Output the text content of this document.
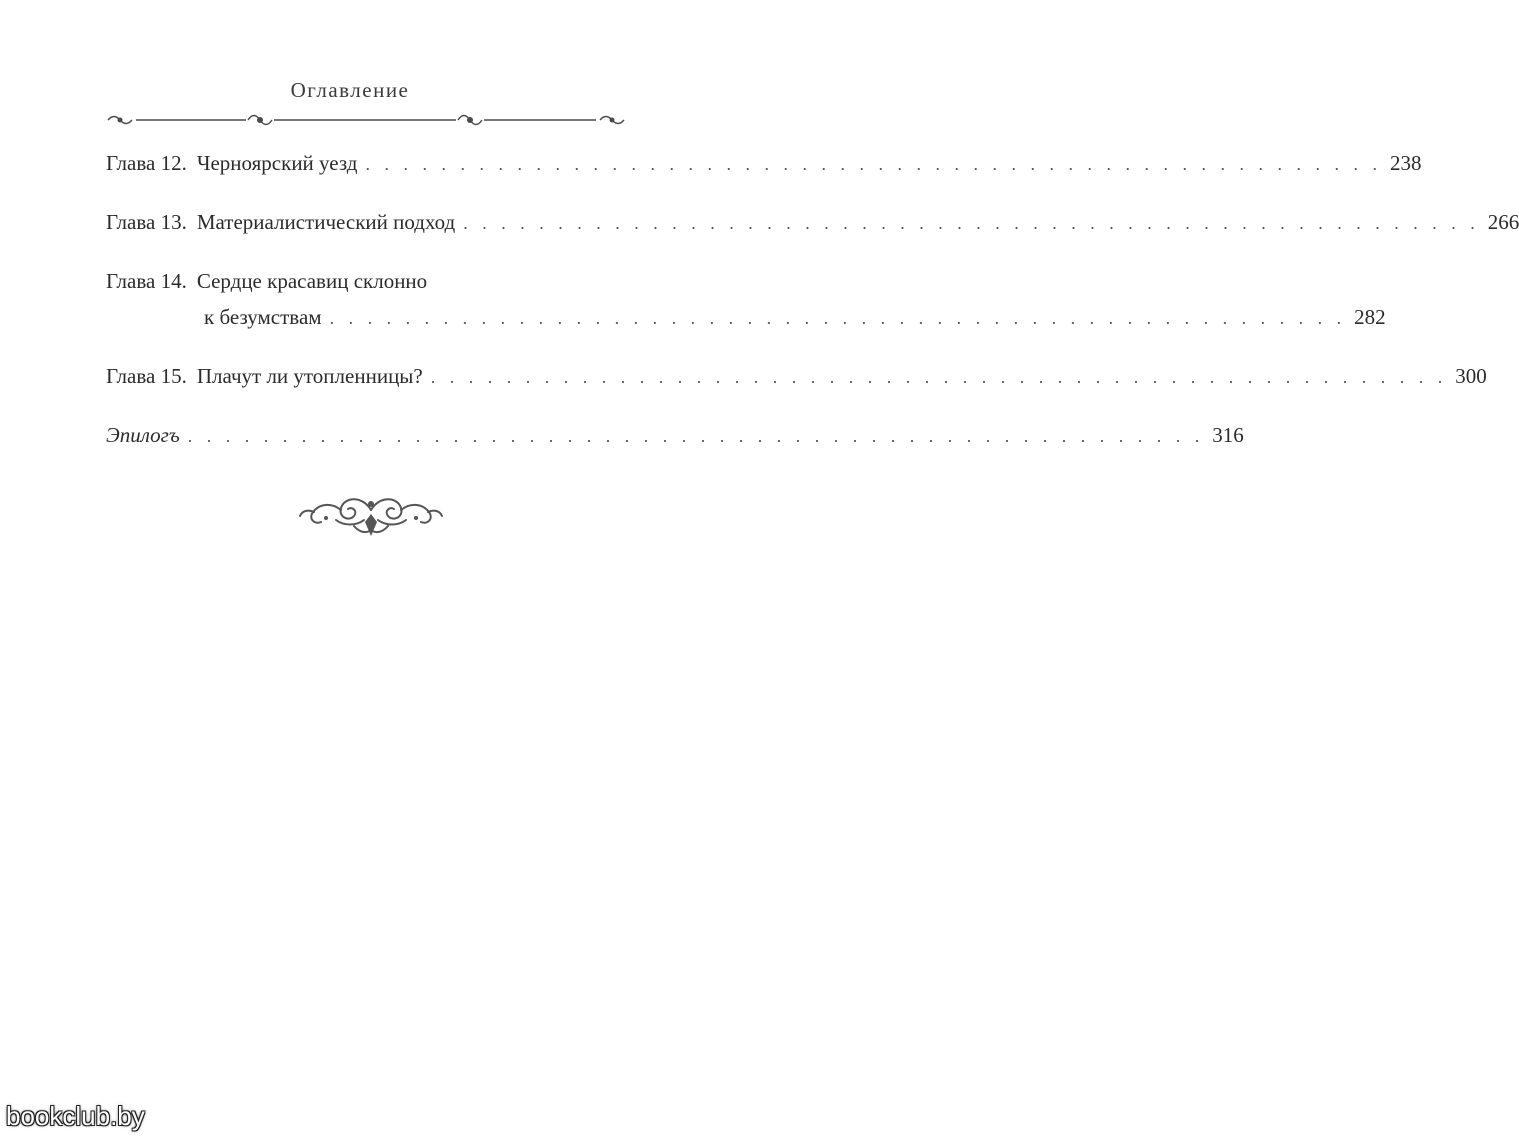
Оглавление
Глава 12. Черноярский уезд . . . . . . . . . . . . . . . . . . . . . . . . . . . . . . . . . . . . . . . . . . . . . . . . . . . . . . 238
Глава 13. Материалистический подход . . . . . . . . . . . . . . . . . . . . . . . . . . . . . . . . . . . . . . . . . . . . . . . . . . . . . . 266
Глава 14. Сердце красавиц склонно
к безумствам . . . . . . . . . . . . . . . . . . . . . . . . . . . . . . . . . . . . . . . . . . . . . . . . . . . . . . 282
Глава 15. Плачут ли утопленницы? . . . . . . . . . . . . . . . . . . . . . . . . . . . . . . . . . . . . . . . . . . . . . . . . . . . . . . 300
Эпилогъ . . . . . . . . . . . . . . . . . . . . . . . . . . . . . . . . . . . . . . . . . . . . . . . . . . . . . . 316
bookclub.by
